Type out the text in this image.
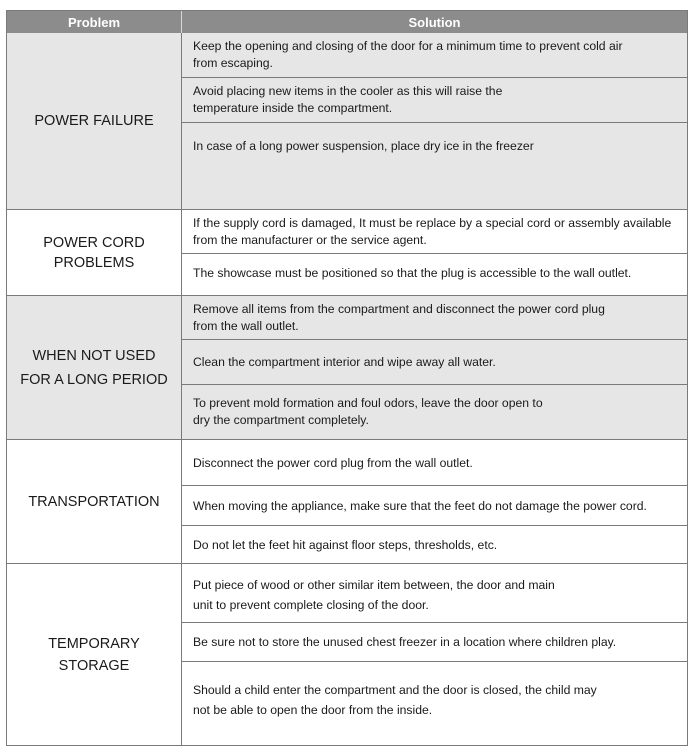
Problem	Solution
POWER FAILURE
Keep the opening and closing of the door for a minimum time to prevent cold air
from escaping.
Avoid placing new items in the cooler as this will raise the
temperature inside the compartment.
In case of a long power suspension, place dry ice in the freezer
POWER CORD
PROBLEMS
If the supply cord is damaged, It must be replace by a special cord or assembly available
from the manufacturer or the service agent.
The showcase must be positioned so that the plug is accessible to the wall outlet.
WHEN NOT USED
FOR A LONG PERIOD
Remove all items from the compartment and disconnect the power cord plug
from the wall outlet.
Clean the compartment interior and wipe away all water.
To prevent mold formation and foul odors, leave the door open to
dry the compartment completely.
TRANSPORTATION
Disconnect the power cord plug from the wall outlet.
When moving the appliance, make sure that the feet do not damage the power cord.
Do not let the feet hit against floor steps, thresholds, etc.
TEMPORARY
STORAGE
Put piece of wood or other similar item between, the door and main
unit to prevent complete closing of the door.
Be sure not to store the unused chest freezer in a location where children play.
Should a child enter the compartment and the door is closed, the child may
not be able to open the door from the inside.
